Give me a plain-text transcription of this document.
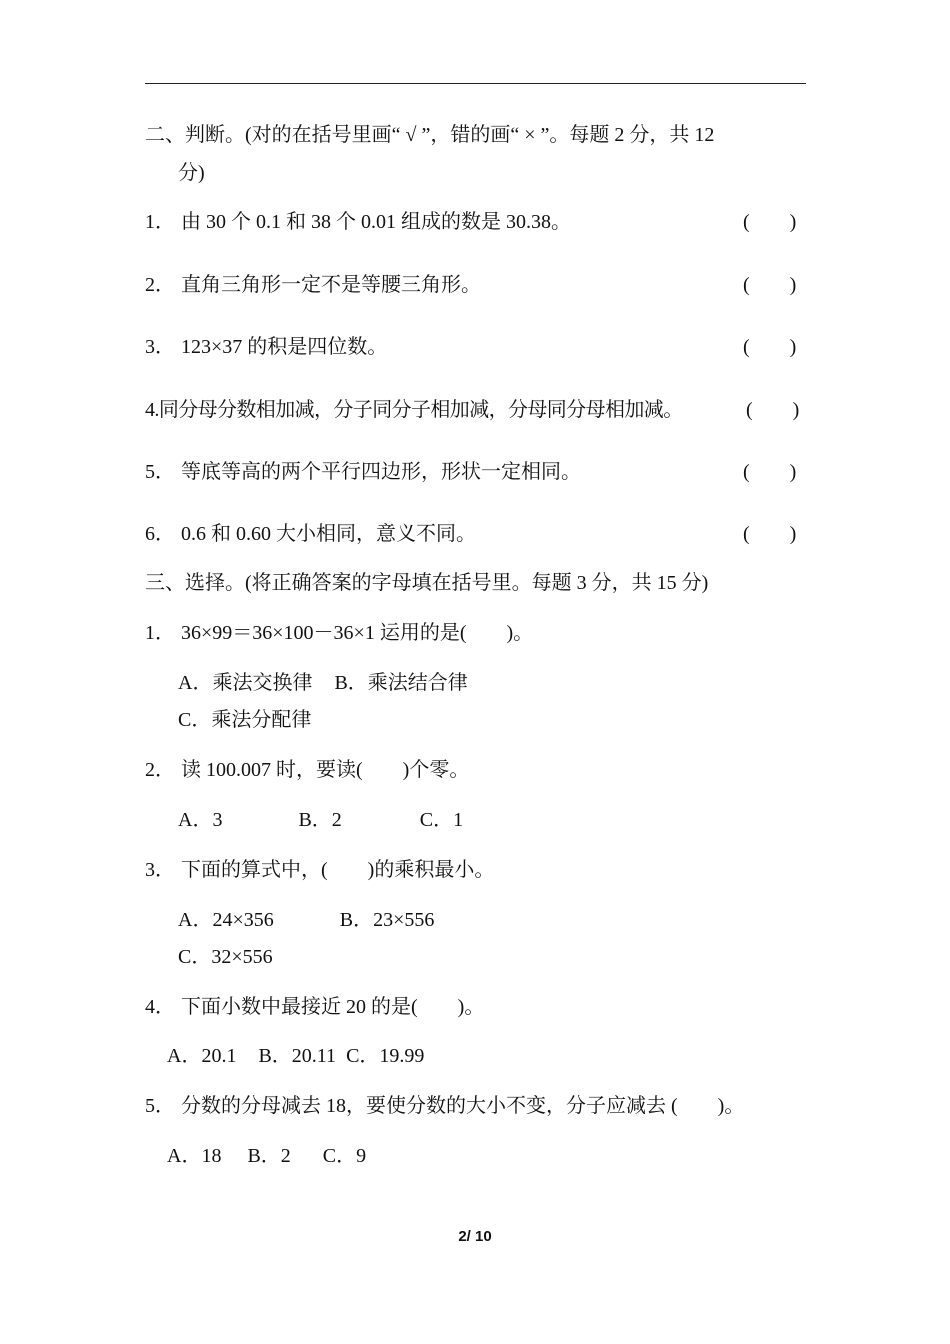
二、判断。(对的在括号里画“ √ ”，错的画“ × ”。每题 2 分，共 12
分)
1． 由 30 个 0.1 和 38 个 0.01 组成的数是 30.38。	(　　)
2． 直角三角形一定不是等腰三角形。	(　　)
3． 123×37 的积是四位数。	(　　)
4.同分母分数相加减，分子同分子相加减，分母同分母相加减。	(　　)
5． 等底等高的两个平行四边形，形状一定相同。	(　　)
6． 0.6 和 0.60 大小相同，意义不同。	(　　)
三、选择。(将正确答案的字母填在括号里。每题 3 分，共 15 分)
1． 36×99＝36×100－36×1 运用的是(　　)。
A．乘法交换律 B．乘法结合律
C．乘法分配律
2． 读 100.007 时，要读(　　)个零。
A．3	B．2	C．1
3． 下面的算式中，(　　)的乘积最小。
A．24×356	B．23×556
C．32×556
4． 下面小数中最接近 20 的是(　　)。
A．20.1 B．20.11 C．19.99
5． 分数的分母减去 18，要使分数的大小不变，分子应减去 (　　)。
A．18 B．2 C．9
2/ 10
